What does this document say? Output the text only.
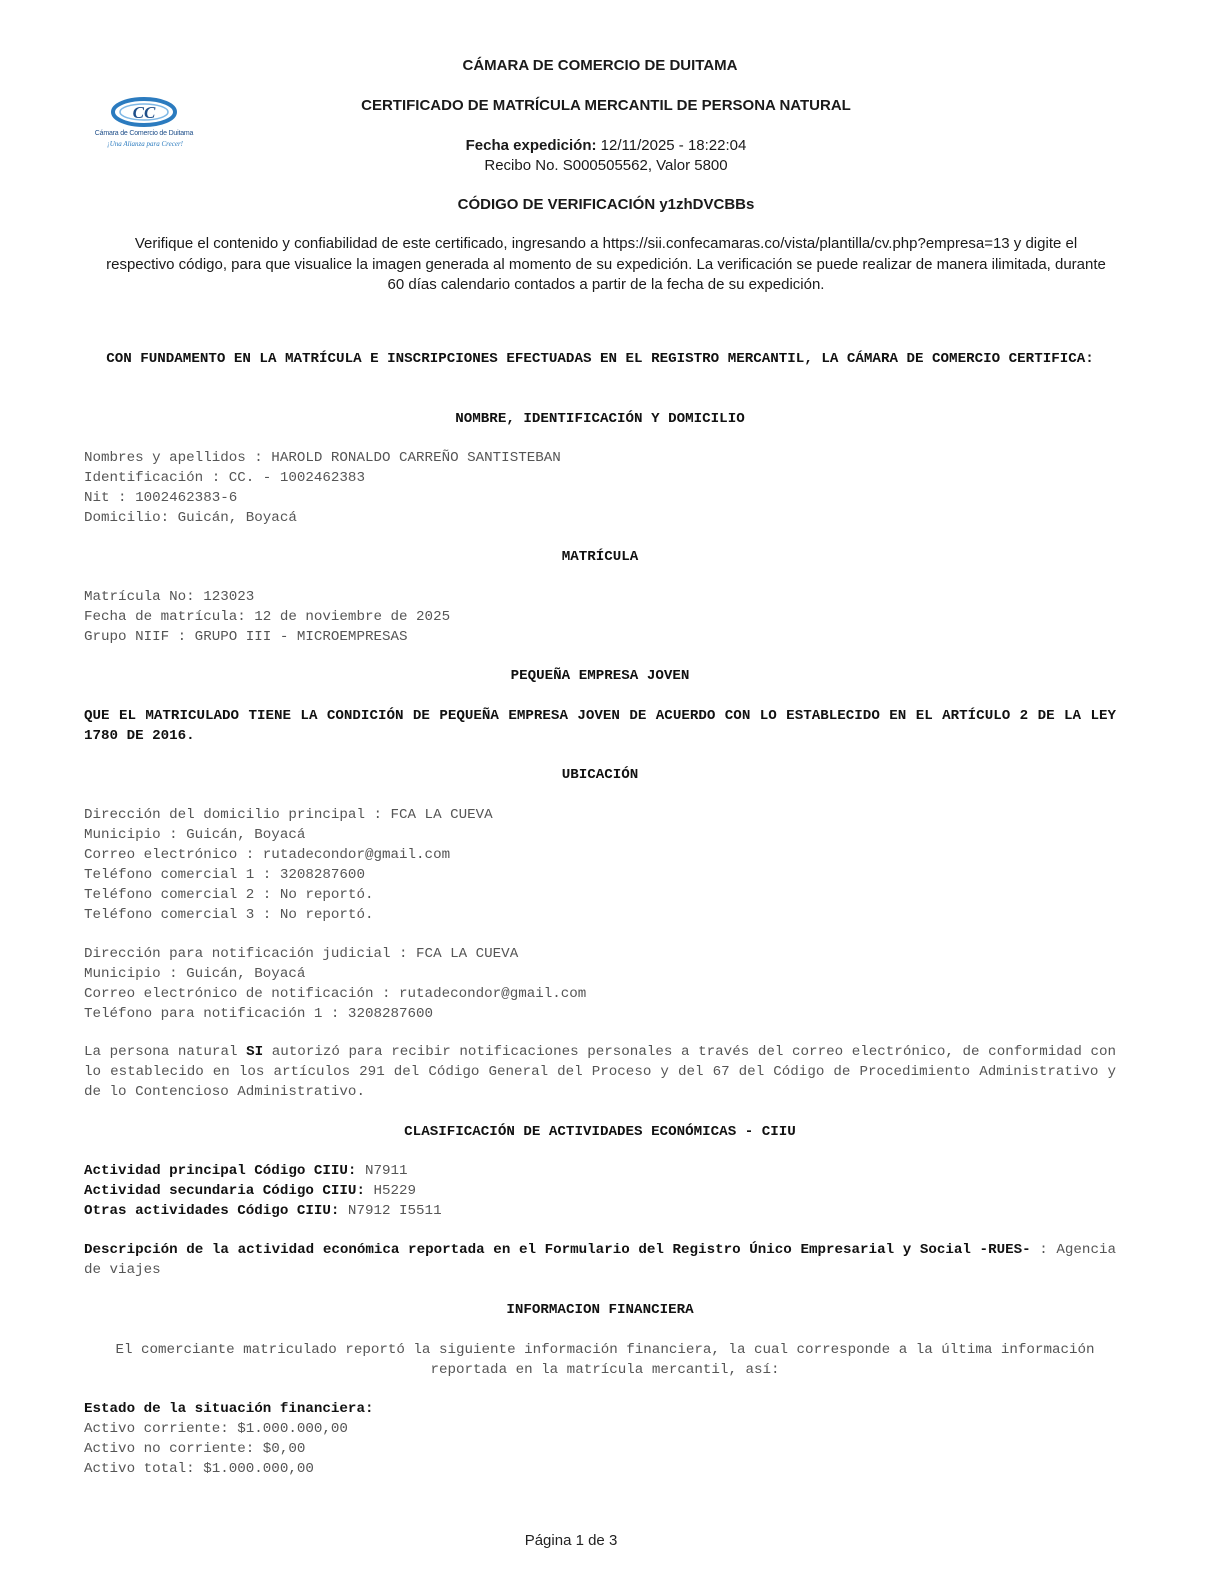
CÁMARA DE COMERCIO DE DUITAMA
CC
Cámara de Comercio de Duitama
¡Una Alianza para Crecer!
CERTIFICADO DE MATRÍCULA MERCANTIL DE PERSONA NATURAL
Fecha expedición: 12/11/2025 - 18:22:04
Recibo No. S000505562, Valor 5800
CÓDIGO DE VERIFICACIÓN y1zhDVCBBs
Verifique el contenido y confiabilidad de este certificado, ingresando a https://sii.confecamaras.co/vista/plantilla/cv.php?empresa=13 y digite el respectivo código, para que visualice la imagen generada al momento de su expedición. La verificación se puede realizar de manera ilimitada, durante 60 días calendario contados a partir de la fecha de su expedición.
CON FUNDAMENTO EN LA MATRÍCULA E INSCRIPCIONES EFECTUADAS EN EL REGISTRO MERCANTIL, LA CÁMARA DE COMERCIO CERTIFICA:
NOMBRE, IDENTIFICACIÓN Y DOMICILIO
Nombres y apellidos : HAROLD RONALDO CARREÑO SANTISTEBAN
Identificación : CC. - 1002462383
Nit : 1002462383-6
Domicilio: Guicán, Boyacá
MATRÍCULA
Matrícula No: 123023
Fecha de matrícula: 12 de noviembre de 2025
Grupo NIIF : GRUPO III - MICROEMPRESAS
PEQUEÑA EMPRESA JOVEN
QUE EL MATRICULADO TIENE LA CONDICIÓN DE PEQUEÑA EMPRESA JOVEN DE ACUERDO CON LO ESTABLECIDO EN EL ARTÍCULO 2 DE LA LEY 1780 DE 2016.
UBICACIÓN
Dirección del domicilio principal : FCA LA CUEVA
Municipio : Guicán, Boyacá
Correo electrónico : rutadecondor@gmail.com
Teléfono comercial 1 : 3208287600
Teléfono comercial 2 : No reportó.
Teléfono comercial 3 : No reportó.
Dirección para notificación judicial : FCA LA CUEVA
Municipio : Guicán, Boyacá
Correo electrónico de notificación : rutadecondor@gmail.com
Teléfono para notificación 1 : 3208287600
La persona natural SI autorizó para recibir notificaciones personales a través del correo electrónico, de conformidad con lo establecido en los artículos 291 del Código General del Proceso y del 67 del Código de Procedimiento Administrativo y de lo Contencioso Administrativo.
CLASIFICACIÓN DE ACTIVIDADES ECONÓMICAS - CIIU
Actividad principal Código CIIU: N7911
Actividad secundaria Código CIIU: H5229
Otras actividades Código CIIU: N7912 I5511
Descripción de la actividad económica reportada en el Formulario del Registro Único Empresarial y Social -RUES- : Agencia de viajes
INFORMACION FINANCIERA
El comerciante matriculado reportó la siguiente información financiera, la cual corresponde a la última información reportada en la matrícula mercantil, así:
Estado de la situación financiera:
Activo corriente: $1.000.000,00
Activo no corriente: $0,00
Activo total: $1.000.000,00
Página 1 de 3
